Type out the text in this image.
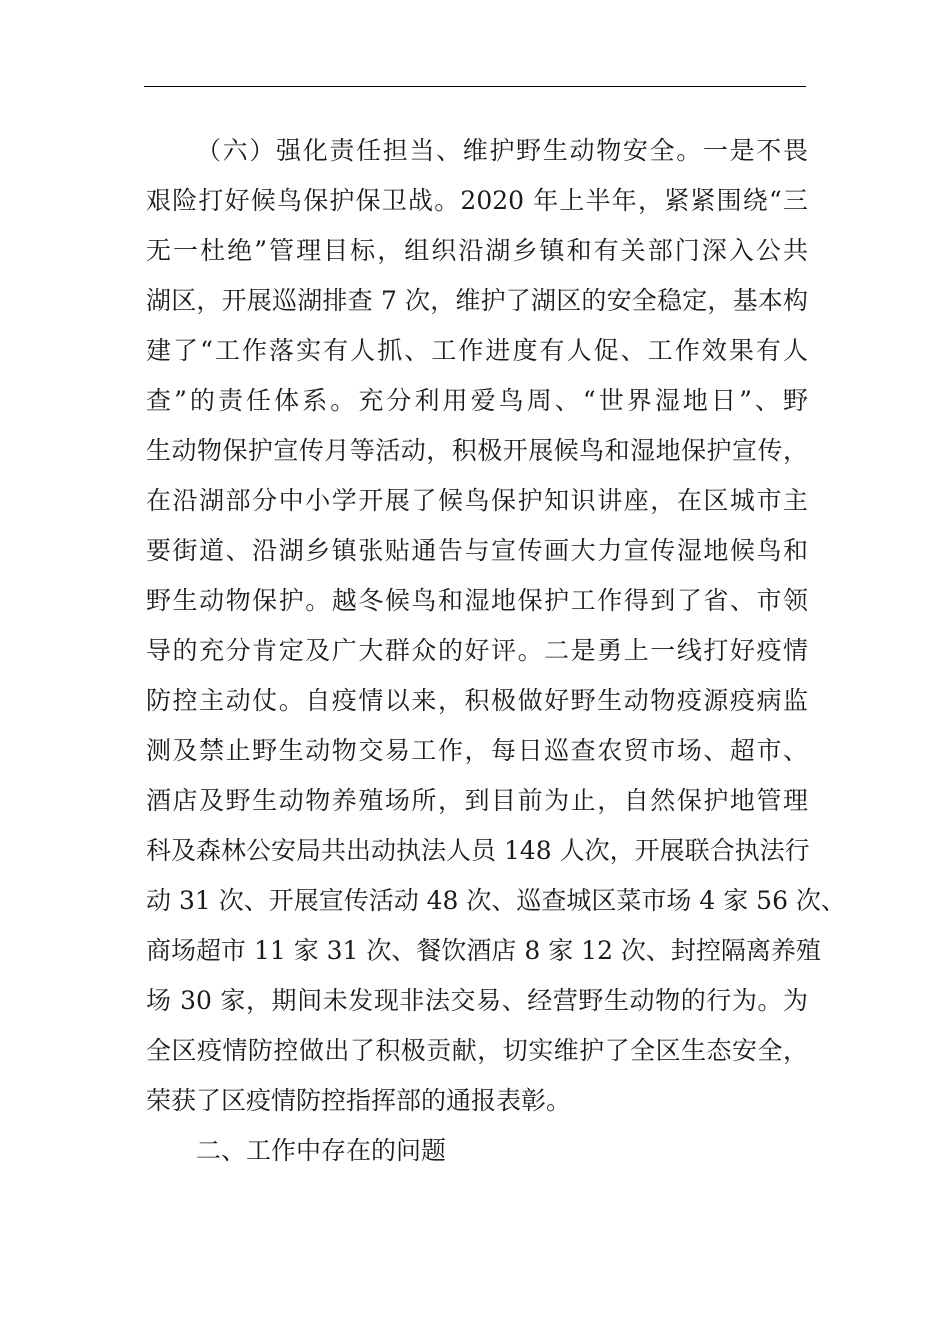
（六）强化责任担当、维护野生动物安全。一是不畏
艰险打好候鸟保护保卫战。2020 年上半年，紧紧围绕“三
无一杜绝”管理目标，组织沿湖乡镇和有关部门深入公共
湖区，开展巡湖排查 7 次，维护了湖区的安全稳定，基本构
建了“工作落实有人抓、工作进度有人促、工作效果有人
查”的责任体系。充分利用爱鸟周、“世界湿地日”、野
生动物保护宣传月等活动，积极开展候鸟和湿地保护宣传，
在沿湖部分中小学开展了候鸟保护知识讲座，在区城市主
要街道、沿湖乡镇张贴通告与宣传画大力宣传湿地候鸟和
野生动物保护。越冬候鸟和湿地保护工作得到了省、市领
导的充分肯定及广大群众的好评。二是勇上一线打好疫情
防控主动仗。自疫情以来，积极做好野生动物疫源疫病监
测及禁止野生动物交易工作，每日巡查农贸市场、超市、
酒店及野生动物养殖场所，到目前为止，自然保护地管理
科及森林公安局共出动执法人员 148 人次，开展联合执法行
动 31 次、开展宣传活动 48 次、巡查城区菜市场 4 家 56 次、
商场超市 11 家 31 次、餐饮酒店 8 家 12 次、封控隔离养殖
场 30 家，期间未发现非法交易、经营野生动物的行为。为
全区疫情防控做出了积极贡献，切实维护了全区生态安全，
荣获了区疫情防控指挥部的通报表彰。
二、工作中存在的问题
